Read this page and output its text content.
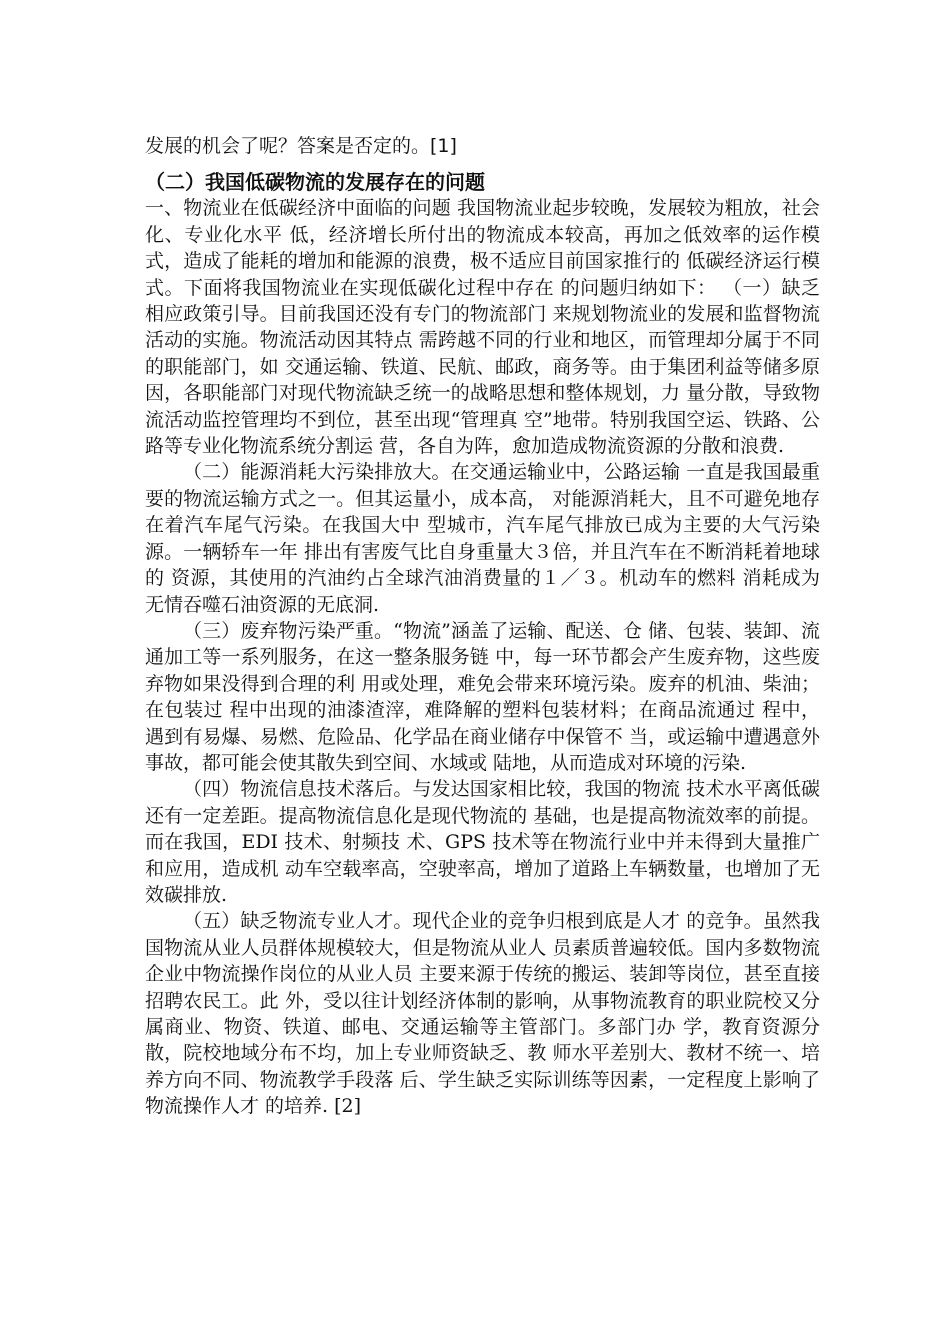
发展的机会了呢？答案是否定的。[1]

（二）我国低碳物流的发展存在的问题

一、物流业在低碳经济中面临的问题 我国物流业起步较晚，发展较为粗放，社会化、专业化水平 低，经济增长所付出的物流成本较高，再加之低效率的运作模 式，造成了能耗的增加和能源的浪费，极不适应目前国家推行的 低碳经济运行模式。下面将我国物流业在实现低碳化过程中存在 的问题归纳如下： （一）缺乏相应政策引导。目前我国还没有专门的物流部门 来规划物流业的发展和监督物流活动的实施。物流活动因其特点 需跨越不同的行业和地区，而管理却分属于不同的职能部门，如 交通运输、铁道、民航、邮政，商务等。由于集团利益等储多原 因，各职能部门对现代物流缺乏统一的战略思想和整体规划，力 量分散，导致物流活动监控管理均不到位，甚至出现“管理真 空”地带。特别我国空运、铁路、公路等专业化物流系统分割运 营，各自为阵，愈加造成物流资源的分散和浪费.

（二）能源消耗大污染排放大。在交通运输业中，公路运输 一直是我国最重要的物流运输方式之一。但其运量小，成本高， 对能源消耗大，且不可避免地存在着汽车尾气污染。在我国大中 型城市，汽车尾气排放已成为主要的大气污染源。一辆轿车一年 排出有害废气比自身重量大３倍，并且汽车在不断消耗着地球的 资源，其使用的汽油约占全球汽油消费量的１／３。机动车的燃料 消耗成为无情吞噬石油资源的无底洞.

（三）废弃物污染严重。“物流”涵盖了运输、配送、仓 储、包装、装卸、流通加工等一系列服务，在这一整条服务链 中，每一环节都会产生废弃物，这些废弃物如果没得到合理的利 用或处理，难免会带来环境污染。废弃的机油、柴油；在包装过 程中出现的油漆渣滓，难降解的塑料包装材料；在商品流通过 程中，遇到有易爆、易燃、危险品、化学品在商业储存中保管不 当，或运输中遭遇意外事故，都可能会使其散失到空间、水域或 陆地，从而造成对环境的污染.

（四）物流信息技术落后。与发达国家相比较，我国的物流 技术水平离低碳还有一定差距。提高物流信息化是现代物流的 基础，也是提高物流效率的前提。而在我国，EDI 技术、射频技 术、GPS 技术等在物流行业中并未得到大量推广和应用，造成机 动车空载率高，空驶率高，增加了道路上车辆数量，也增加了无 效碳排放.

（五）缺乏物流专业人才。现代企业的竞争归根到底是人才 的竞争。虽然我国物流从业人员群体规模较大，但是物流从业人 员素质普遍较低。国内多数物流企业中物流操作岗位的从业人员 主要来源于传统的搬运、装卸等岗位，甚至直接招聘农民工。此 外，受以往计划经济体制的影响，从事物流教育的职业院校又分 属商业、物资、铁道、邮电、交通运输等主管部门。多部门办 学，教育资源分散，院校地域分布不均，加上专业师资缺乏、教 师水平差别大、教材不统一、培养方向不同、物流教学手段落 后、学生缺乏实际训练等因素，一定程度上影响了物流操作人才 的培养. [2]
